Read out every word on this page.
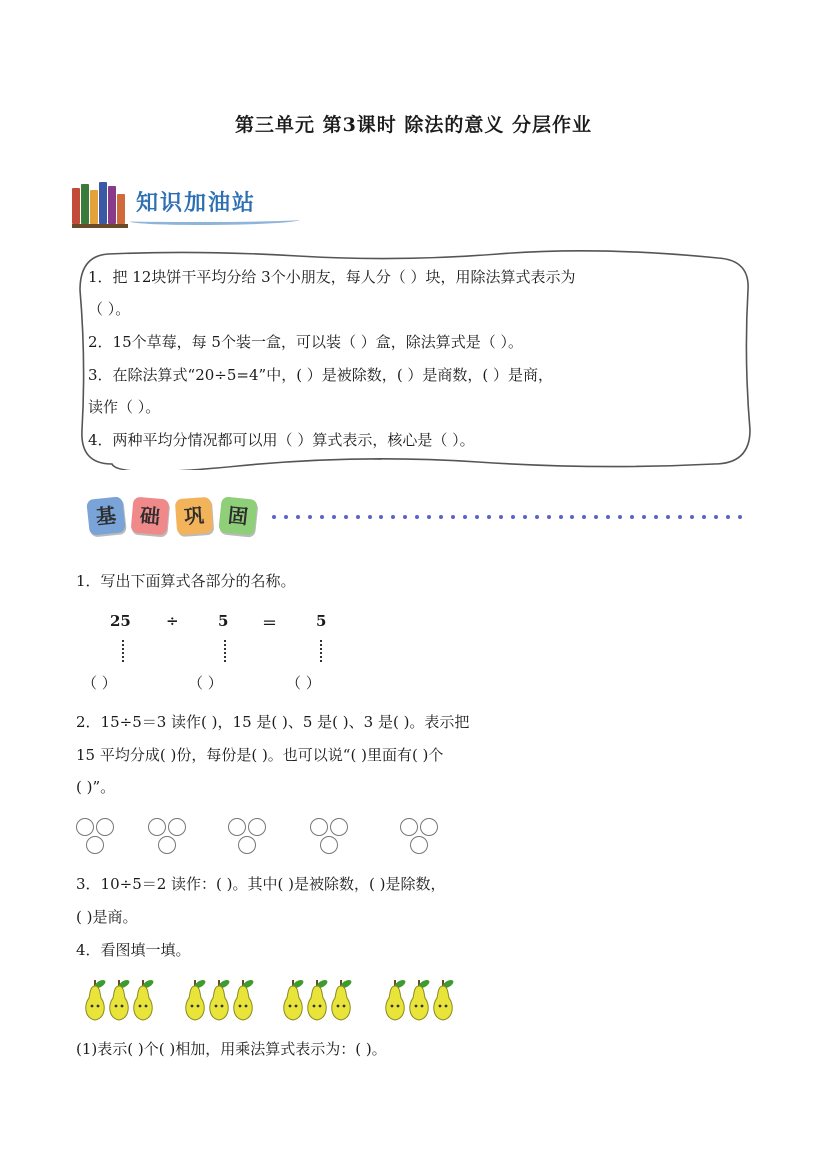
第三单元 第3课时 除法的意义 分层作业
知识加油站
1．把 12块饼干平均分给 3个小朋友，每人分（ ）块，用除法算式表示为
（ ）。
2．15个草莓，每 5个装一盒，可以装（ ）盒，除法算式是（ ）。
3．在除法算式“20÷5=4”中，( ）是被除数，( ）是商数，( ）是商，
读作（ ）。
4．两种平均分情况都可以用（ ）算式表示，核心是（ ）。
基	础	巩	固
1．写出下面算式各部分的名称。
25 ÷	5 ＝	5
（ ）	（ ）	（ ）
2．15÷5＝3 读作( )，15 是( )、5 是( )、3 是( )。表示把
15 平均分成( )份，每份是( )。也可以说“( )里面有( )个
( )”。
3．10÷5＝2 读作：( )。其中( )是被除数，( )是除数，
( )是商。
4．看图填一填。
(1)表示( )个( )相加，用乘法算式表示为：( )。
